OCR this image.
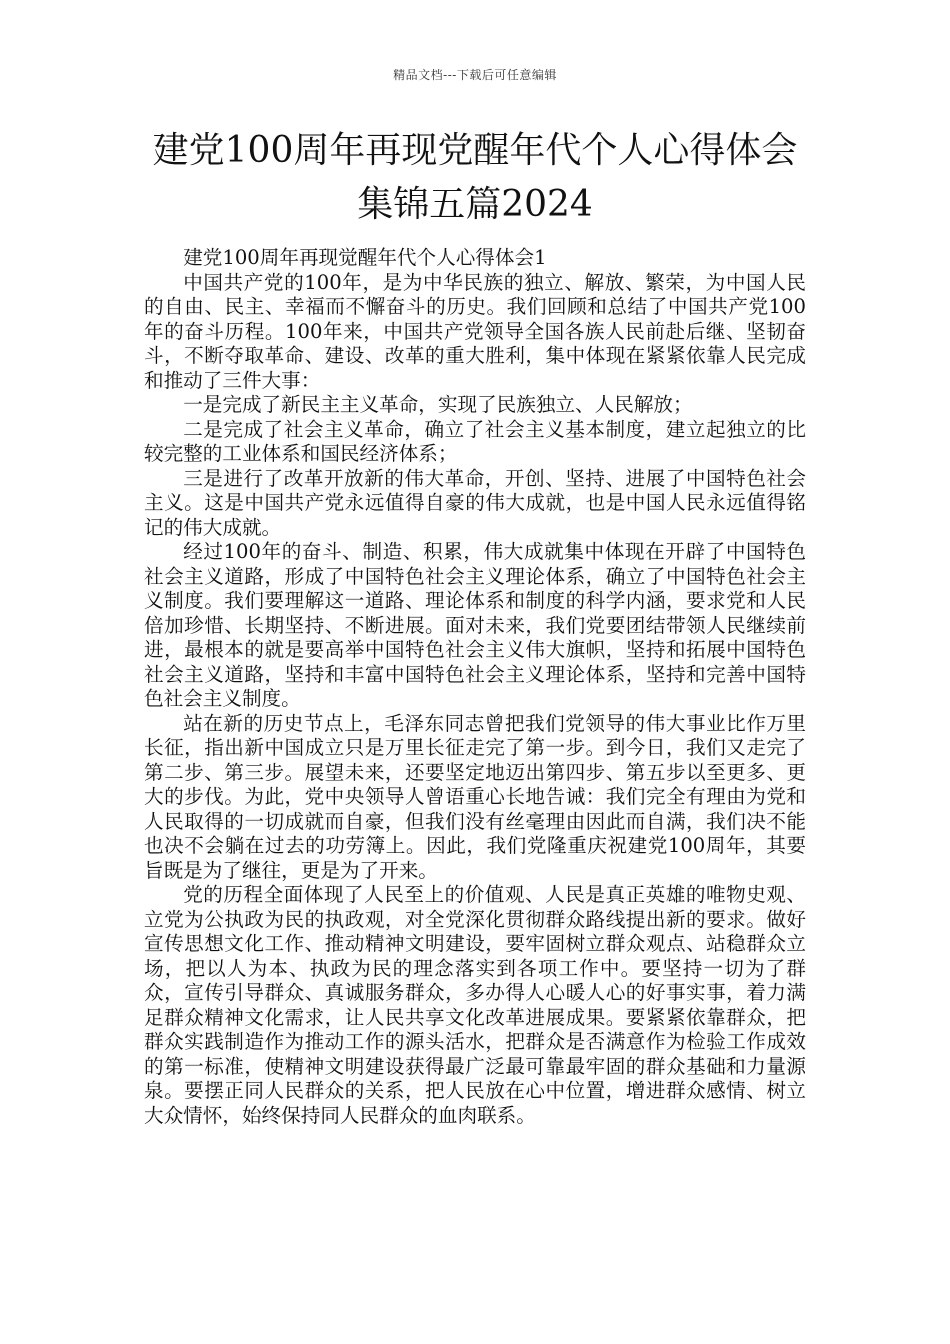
精品文档---下载后可任意编辑
建党100周年再现党醒年代个人心得体会
集锦五篇2024

建党100周年再现觉醒年代个人心得体会1

中国共产党的100年，是为中华民族的独立、解放、繁荣，为中国人民的自由、民主、幸福而不懈奋斗的历史。我们回顾和总结了中国共产党100年的奋斗历程。100年来，中国共产党领导全国各族人民前赴后继、坚韧奋斗，不断夺取革命、建设、改革的重大胜利，集中体现在紧紧依靠人民完成和推动了三件大事：

一是完成了新民主主义革命，实现了民族独立、人民解放；

二是完成了社会主义革命，确立了社会主义基本制度，建立起独立的比较完整的工业体系和国民经济体系；

三是进行了改革开放新的伟大革命，开创、坚持、进展了中国特色社会主义。这是中国共产党永远值得自豪的伟大成就，也是中国人民永远值得铭记的伟大成就。

经过100年的奋斗、制造、积累，伟大成就集中体现在开辟了中国特色社会主义道路，形成了中国特色社会主义理论体系，确立了中国特色社会主义制度。我们要理解这一道路、理论体系和制度的科学内涵，要求党和人民倍加珍惜、长期坚持、不断进展。面对未来，我们党要团结带领人民继续前进，最根本的就是要高举中国特色社会主义伟大旗帜，坚持和拓展中国特色社会主义道路，坚持和丰富中国特色社会主义理论体系，坚持和完善中国特色社会主义制度。

站在新的历史节点上，毛泽东同志曾把我们党领导的伟大事业比作万里长征，指出新中国成立只是万里长征走完了第一步。到今日，我们又走完了第二步、第三步。展望未来，还要坚定地迈出第四步、第五步以至更多、更大的步伐。为此，党中央领导人曾语重心长地告诫：我们完全有理由为党和人民取得的一切成就而自豪，但我们没有丝毫理由因此而自满，我们决不能也决不会躺在过去的功劳簿上。因此，我们党隆重庆祝建党100周年，其要旨既是为了继往，更是为了开来。

党的历程全面体现了人民至上的价值观、人民是真正英雄的唯物史观、立党为公执政为民的执政观，对全党深化贯彻群众路线提出新的要求。做好宣传思想文化工作、推动精神文明建设，要牢固树立群众观点、站稳群众立场，把以人为本、执政为民的理念落实到各项工作中。要坚持一切为了群众，宣传引导群众、真诚服务群众，多办得人心暖人心的好事实事，着力满足群众精神文化需求，让人民共享文化改革进展成果。要紧紧依靠群众，把群众实践制造作为推动工作的源头活水，把群众是否满意作为检验工作成效的第一标准，使精神文明建设获得最广泛最可靠最牢固的群众基础和力量源泉。要摆正同人民群众的关系，把人民放在心中位置，增进群众感情、树立大众情怀，始终保持同人民群众的血肉联系。
